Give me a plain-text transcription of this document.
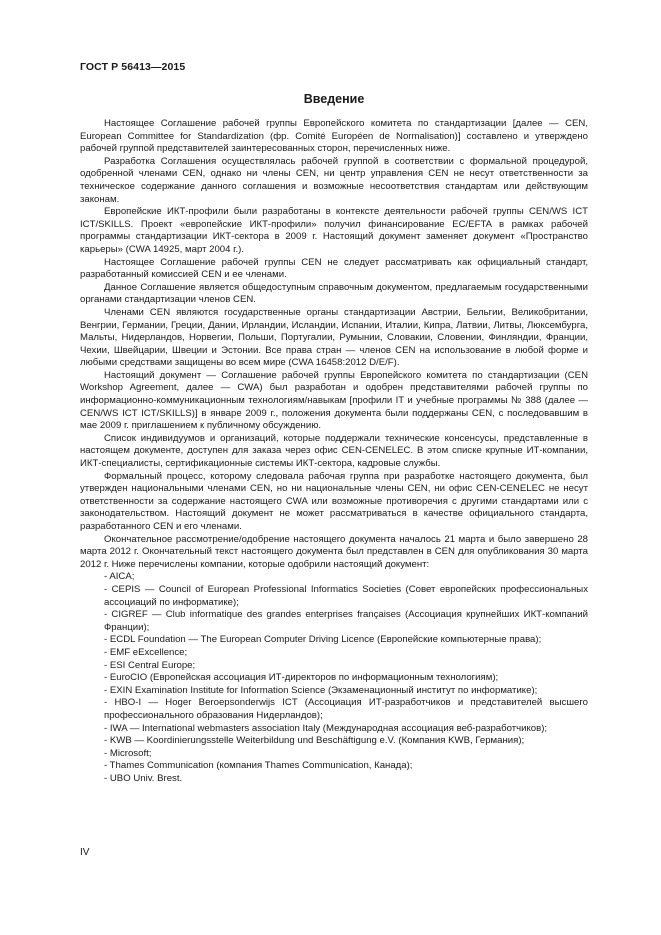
ГОСТ Р 56413—2015
Введение

Настоящее Соглашение рабочей группы Европейского комитета по стандартизации [далее — CEN, European Committee for Standardization (фр. Comité Européen de Normalisation)] составлено и утверждено рабочей группой представителей заинтересованных сторон, перечисленных ниже.

Разработка Соглашения осуществлялась рабочей группой в соответствии с формальной процедурой, одобренной членами CEN, однако ни члены CEN, ни центр управления CEN не несут ответственности за техническое содержание данного соглашения и возможные несоответствия стандартам или действующим законам.

Европейские ИКТ-профили были разработаны в контексте деятельности рабочей группы CEN/WS ICT ICT/SKILLS. Проект «европейские ИКТ-профили» получил финансирование EC/EFTA в рамках рабочей программы стандартизации ИКТ-сектора в 2009 г. Настоящий документ заменяет документ «Пространство карьеры» (CWA 14925, март 2004 г.).

Настоящее Соглашение рабочей группы CEN не следует рассматривать как официальный стандарт, разработанный комиссией CEN и ее членами.

Данное Соглашение является общедоступным справочным документом, предлагаемым государственными органами стандартизации членов CEN.

Членами CEN являются государственные органы стандартизации Австрии, Бельгии, Великобритании, Венгрии, Германии, Греции, Дании, Ирландии, Исландии, Испании, Италии, Кипра, Латвии, Литвы, Люксембурга, Мальты, Нидерландов, Норвегии, Польши, Португалии, Румынии, Словакии, Словении, Финляндии, Франции, Чехии, Швейцарии, Швеции и Эстонии. Все права стран — членов CEN на использование в любой форме и любыми средствами защищены во всем мире (CWA 16458:2012 D/E/F).

Настоящий документ — Соглашение рабочей группы Европейского комитета по стандартизации (CEN Workshop Agreement, далее — CWA) был разработан и одобрен представителями рабочей группы по информационно-коммуникационным технологиям/навыкам [профили IT и учебные программы № 388 (далее — CEN/WS ICT ICT/SKILLS)] в январе 2009 г., положения документа были поддержаны CEN, с последовавшим в мае 2009 г. приглашением к публичному обсуждению.

Список индивидуумов и организаций, которые поддержали технические консенсусы, представленные в настоящем документе, доступен для заказа через офис CEN-CENELEC. В этом списке крупные ИТ-компании, ИКТ-специалисты, сертификационные системы ИКТ-сектора, кадровые службы.

Формальный процесс, которому следовала рабочая группа при разработке настоящего документа, был утвержден национальными членами CEN, но ни национальные члены CEN, ни офис CEN-CENELEC не несут ответственности за содержание настоящего CWA или возможные противоречия с другими стандартами или с законодательством. Настоящий документ не может рассматриваться в качестве официального стандарта, разработанного CEN и его членами.

Окончательное рассмотрение/одобрение настоящего документа началось 21 марта и было завершено 28 марта 2012 г. Окончательный текст настоящего документа был представлен в CEN для опубликования 30 марта 2012 г. Ниже перечислены компании, которые одобрили настоящий документ:

- AICA;
- CEPIS — Council of European Professional Informatics Societies (Совет европейских профессиональных ассоциаций по информатике);
- CIGREF — Club informatique des grandes enterprises françaises (Ассоциация крупнейших ИКТ-компаний Франции);
- ECDL Foundation — The European Computer Driving Licence (Европейские компьютерные права);
- EMF eExcellence;
- ESI Central Europe;
- EuroCIO (Европейская ассоциация ИТ-директоров по информационным технологиям);
- EXIN Examination Institute for Information Science (Экзаменационный институт по информатике);
- HBO-I — Hoger Beroepsonderwijs ICT (Ассоциация ИТ-разработчиков и представителей высшего профессионального образования Нидерландов);
- IWA — International webmasters association Italy (Международная ассоциация веб-разработчиков);
- KWB — Koordinierungsstelle Weiterbildung und Beschäftigung e.V. (Компания KWB, Германия);
- Microsoft;
- Thames Communication (компания Thames Communication, Канада);
- UBO Univ. Brest.
IV
